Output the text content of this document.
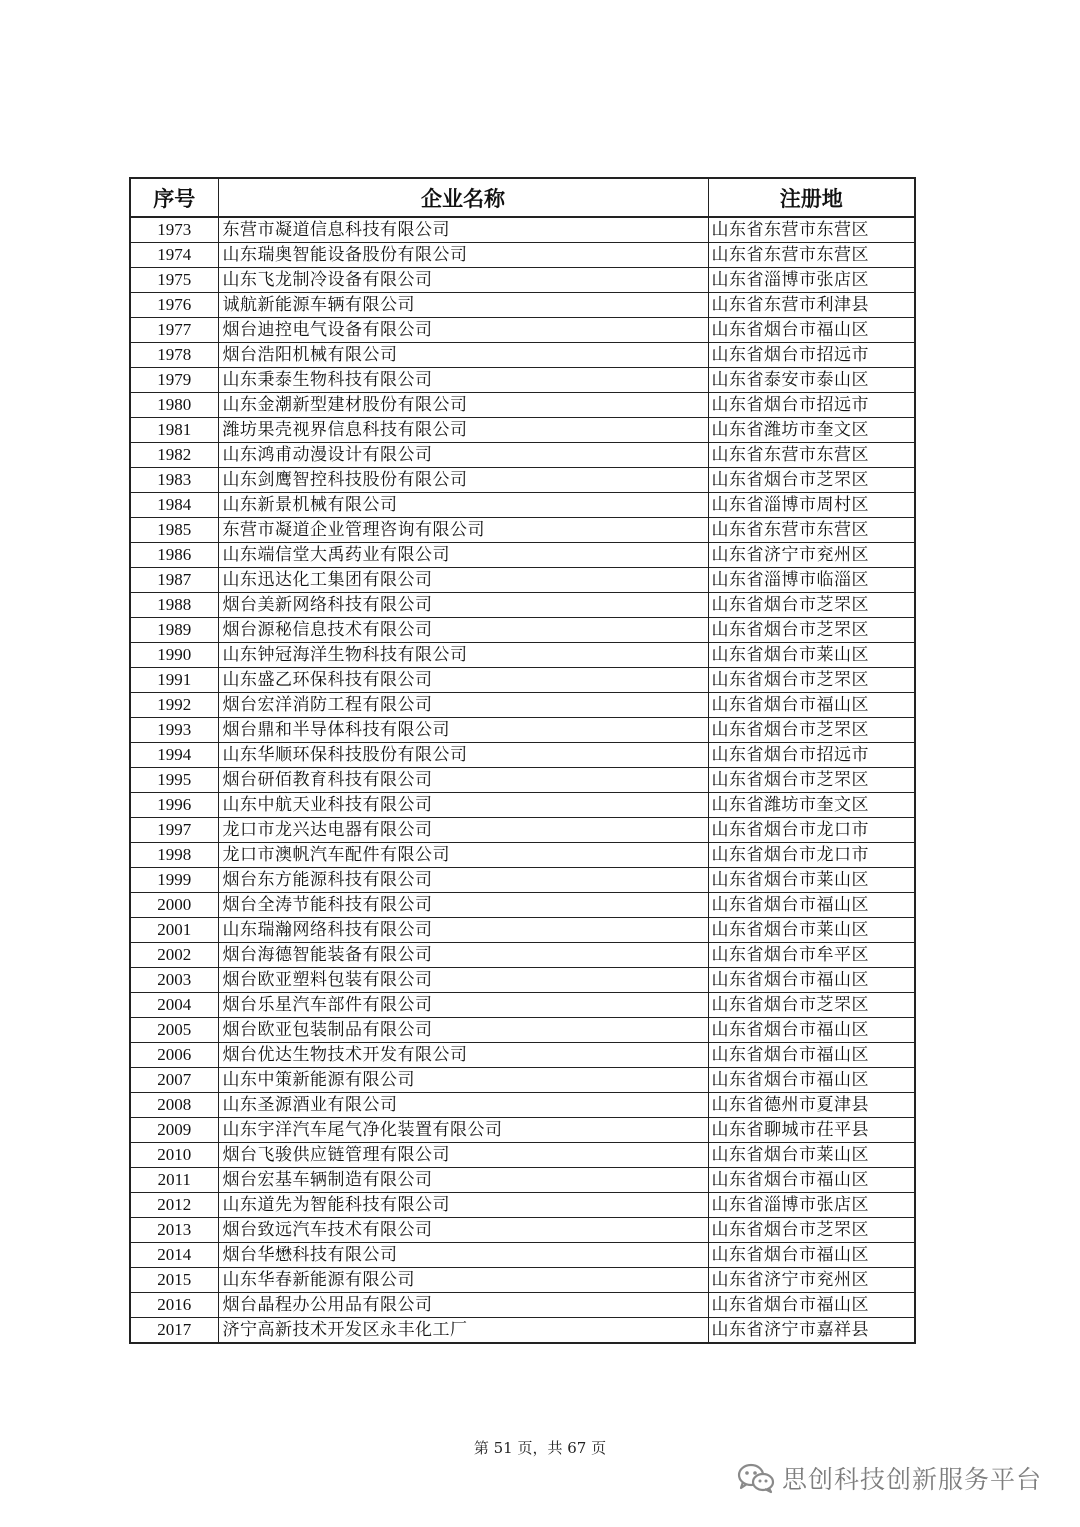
序号	企业名称	注册地
1973	东营市凝道信息科技有限公司	山东省东营市东营区
1974	山东瑞奥智能设备股份有限公司	山东省东营市东营区
1975	山东飞龙制冷设备有限公司	山东省淄博市张店区
1976	诚航新能源车辆有限公司	山东省东营市利津县
1977	烟台迪控电气设备有限公司	山东省烟台市福山区
1978	烟台浩阳机械有限公司	山东省烟台市招远市
1979	山东秉泰生物科技有限公司	山东省泰安市泰山区
1980	山东金潮新型建材股份有限公司	山东省烟台市招远市
1981	潍坊果壳视界信息科技有限公司	山东省潍坊市奎文区
1982	山东鸿甫动漫设计有限公司	山东省东营市东营区
1983	山东剑鹰智控科技股份有限公司	山东省烟台市芝罘区
1984	山东新景机械有限公司	山东省淄博市周村区
1985	东营市凝道企业管理咨询有限公司	山东省东营市东营区
1986	山东端信堂大禹药业有限公司	山东省济宁市兖州区
1987	山东迅达化工集团有限公司	山东省淄博市临淄区
1988	烟台美新网络科技有限公司	山东省烟台市芝罘区
1989	烟台源秘信息技术有限公司	山东省烟台市芝罘区
1990	山东钟冠海洋生物科技有限公司	山东省烟台市莱山区
1991	山东盛乙环保科技有限公司	山东省烟台市芝罘区
1992	烟台宏洋消防工程有限公司	山东省烟台市福山区
1993	烟台鼎和半导体科技有限公司	山东省烟台市芝罘区
1994	山东华顺环保科技股份有限公司	山东省烟台市招远市
1995	烟台研佰教育科技有限公司	山东省烟台市芝罘区
1996	山东中航天业科技有限公司	山东省潍坊市奎文区
1997	龙口市龙兴达电器有限公司	山东省烟台市龙口市
1998	龙口市澳帆汽车配件有限公司	山东省烟台市龙口市
1999	烟台东方能源科技有限公司	山东省烟台市莱山区
2000	烟台全涛节能科技有限公司	山东省烟台市福山区
2001	山东瑞瀚网络科技有限公司	山东省烟台市莱山区
2002	烟台海德智能装备有限公司	山东省烟台市牟平区
2003	烟台欧亚塑料包装有限公司	山东省烟台市福山区
2004	烟台乐星汽车部件有限公司	山东省烟台市芝罘区
2005	烟台欧亚包装制品有限公司	山东省烟台市福山区
2006	烟台优达生物技术开发有限公司	山东省烟台市福山区
2007	山东中策新能源有限公司	山东省烟台市福山区
2008	山东圣源酒业有限公司	山东省德州市夏津县
2009	山东宇洋汽车尾气净化装置有限公司	山东省聊城市茌平县
2010	烟台飞骏供应链管理有限公司	山东省烟台市莱山区
2011	烟台宏基车辆制造有限公司	山东省烟台市福山区
2012	山东道先为智能科技有限公司	山东省淄博市张店区
2013	烟台致远汽车技术有限公司	山东省烟台市芝罘区
2014	烟台华懋科技有限公司	山东省烟台市福山区
2015	山东华春新能源有限公司	山东省济宁市兖州区
2016	烟台晶程办公用品有限公司	山东省烟台市福山区
2017	济宁高新技术开发区永丰化工厂	山东省济宁市嘉祥县
第 51 页，共 67 页
思创科技创新服务平台
